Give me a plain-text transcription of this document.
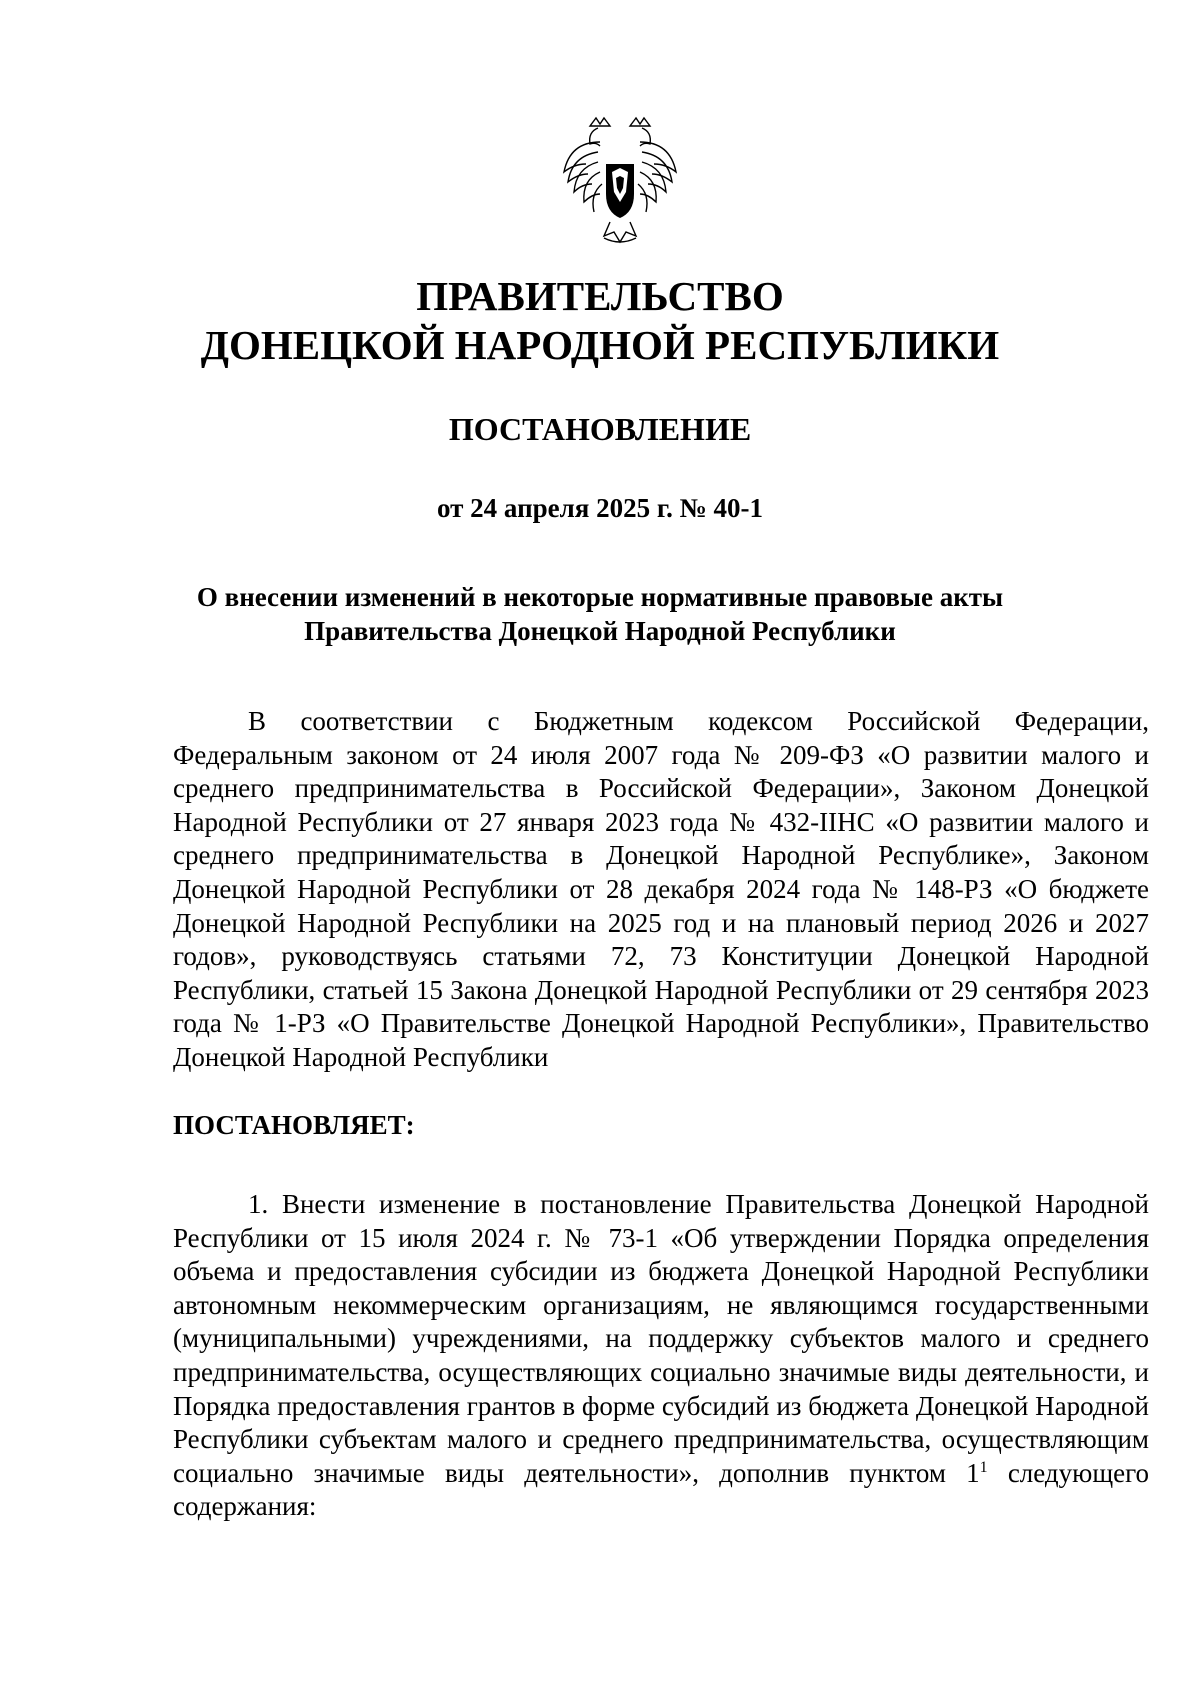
ПРАВИТЕЛЬСТВО

ДОНЕЦКОЙ НАРОДНОЙ РЕСПУБЛИКИ

ПОСТАНОВЛЕНИЕ

от 24 апреля 2025 г. № 40-1

О внесении изменений в некоторые нормативные правовые акты
Правительства Донецкой Народной Республики

В соответствии с Бюджетным кодексом Российской Федерации, Федеральным законом от 24 июля 2007 года № 209-ФЗ «О развитии малого и среднего предпринимательства в Российской Федерации», Законом Донецкой Народной Республики от 27 января 2023 года № 432-IIНС «О развитии малого и среднего предпринимательства в Донецкой Народной Республике», Законом Донецкой Народной Республики от 28 декабря 2024 года № 148-РЗ «О бюджете Донецкой Народной Республики на 2025 год и на плановый период 2026 и 2027 годов», руководствуясь статьями 72, 73 Конституции Донецкой Народной Республики, статьей 15 Закона Донецкой Народной Республики от 29 сентября 2023 года № 1-РЗ «О Правительстве Донецкой Народной Республики», Правительство Донецкой Народной Республики

ПОСТАНОВЛЯЕТ:

1. Внести изменение в постановление Правительства Донецкой Народной Республики от 15 июля 2024 г. № 73-1 «Об утверждении Порядка определения объема и предоставления субсидии из бюджета Донецкой Народной Республики автономным некоммерческим организациям, не являющимся государственными (муниципальными) учреждениями, на поддержку субъектов малого и среднего предпринимательства, осуществляющих социально значимые виды деятельности, и Порядка предоставления грантов в форме субсидий из бюджета Донецкой Народной Республики субъектам малого и среднего предпринимательства, осуществляющим социально значимые виды деятельности», дополнив пунктом $1^1$ следующего содержания:
